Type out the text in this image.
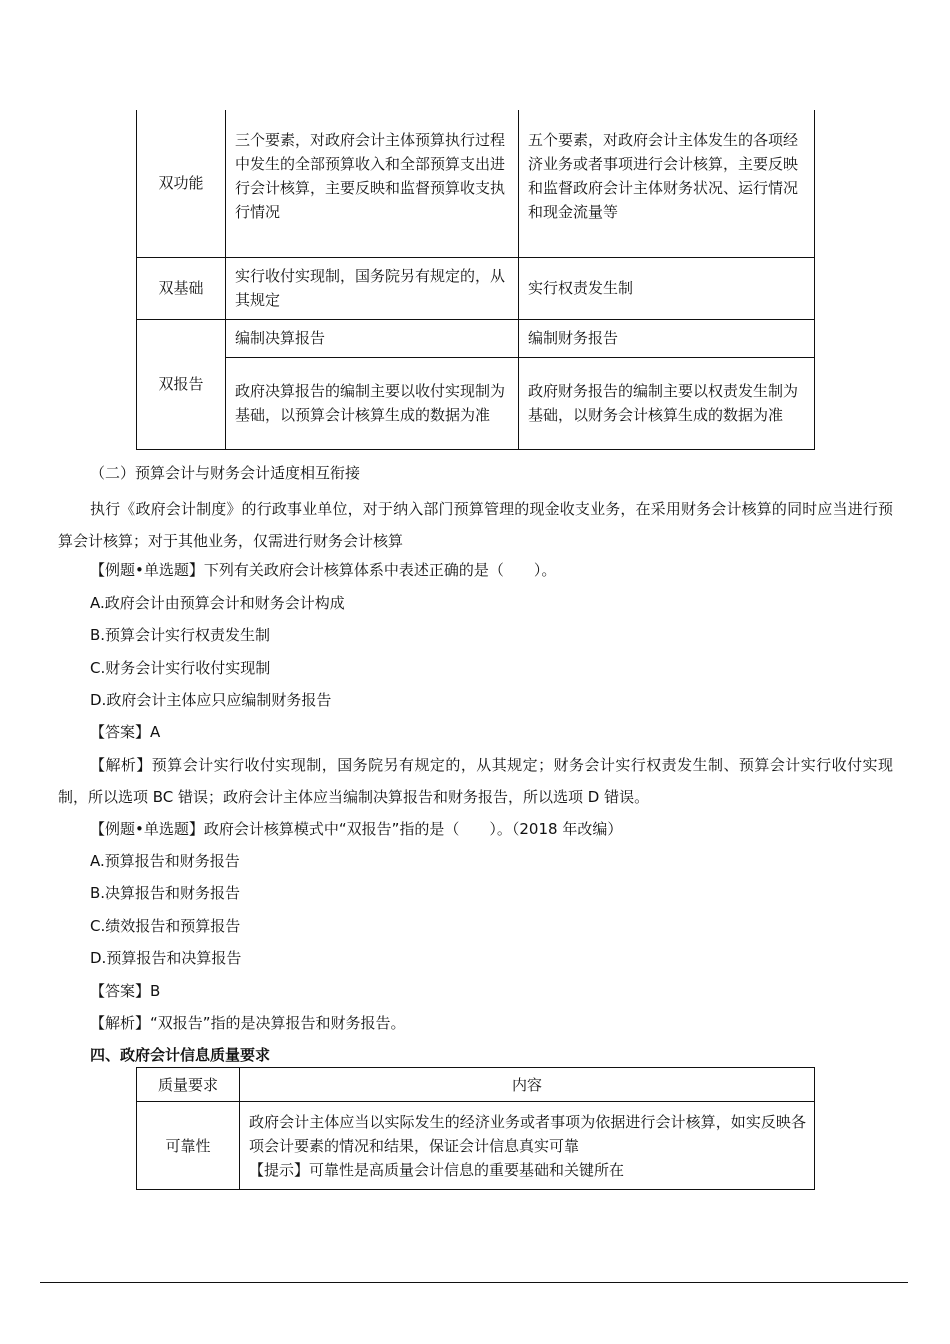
双功能	三个要素，对政府会计主体预算执行过程中发生的全部预算收入和全部预算支出进行会计核算，主要反映和监督预算收支执行情况	五个要素，对政府会计主体发生的各项经济业务或者事项进行会计核算，主要反映和监督政府会计主体财务状况、运行情况和现金流量等
双基础	实行收付实现制，国务院另有规定的，从其规定	实行权责发生制
双报告	编制决算报告	编制财务报告
	政府决算报告的编制主要以收付实现制为基础，以预算会计核算生成的数据为准	政府财务报告的编制主要以权责发生制为基础，以财务会计核算生成的数据为准
（二）预算会计与财务会计适度相互衔接
执行《政府会计制度》的行政事业单位，对于纳入部门预算管理的现金收支业务，在采用财务会计核算的同时应当进行预算会计核算；对于其他业务，仅需进行财务会计核算
【例题•单选题】下列有关政府会计核算体系中表述正确的是（　　）。
A.政府会计由预算会计和财务会计构成
B.预算会计实行权责发生制
C.财务会计实行收付实现制
D.政府会计主体应只应编制财务报告
【答案】A
【解析】预算会计实行收付实现制，国务院另有规定的，从其规定；财务会计实行权责发生制、预算会计实行收付实现制，所以选项 BC 错误；政府会计主体应当编制决算报告和财务报告，所以选项 D 错误。
【例题•单选题】政府会计核算模式中“双报告”指的是（　　）。（2018 年改编）
A.预算报告和财务报告
B.决算报告和财务报告
C.绩效报告和预算报告
D.预算报告和决算报告
【答案】B
【解析】“双报告”指的是决算报告和财务报告。
四、政府会计信息质量要求
质量要求	内容
可靠性	政府会计主体应当以实际发生的经济业务或者事项为依据进行会计核算，如实反映各项会计要素的情况和结果，保证会计信息真实可靠
【提示】可靠性是高质量会计信息的重要基础和关键所在
